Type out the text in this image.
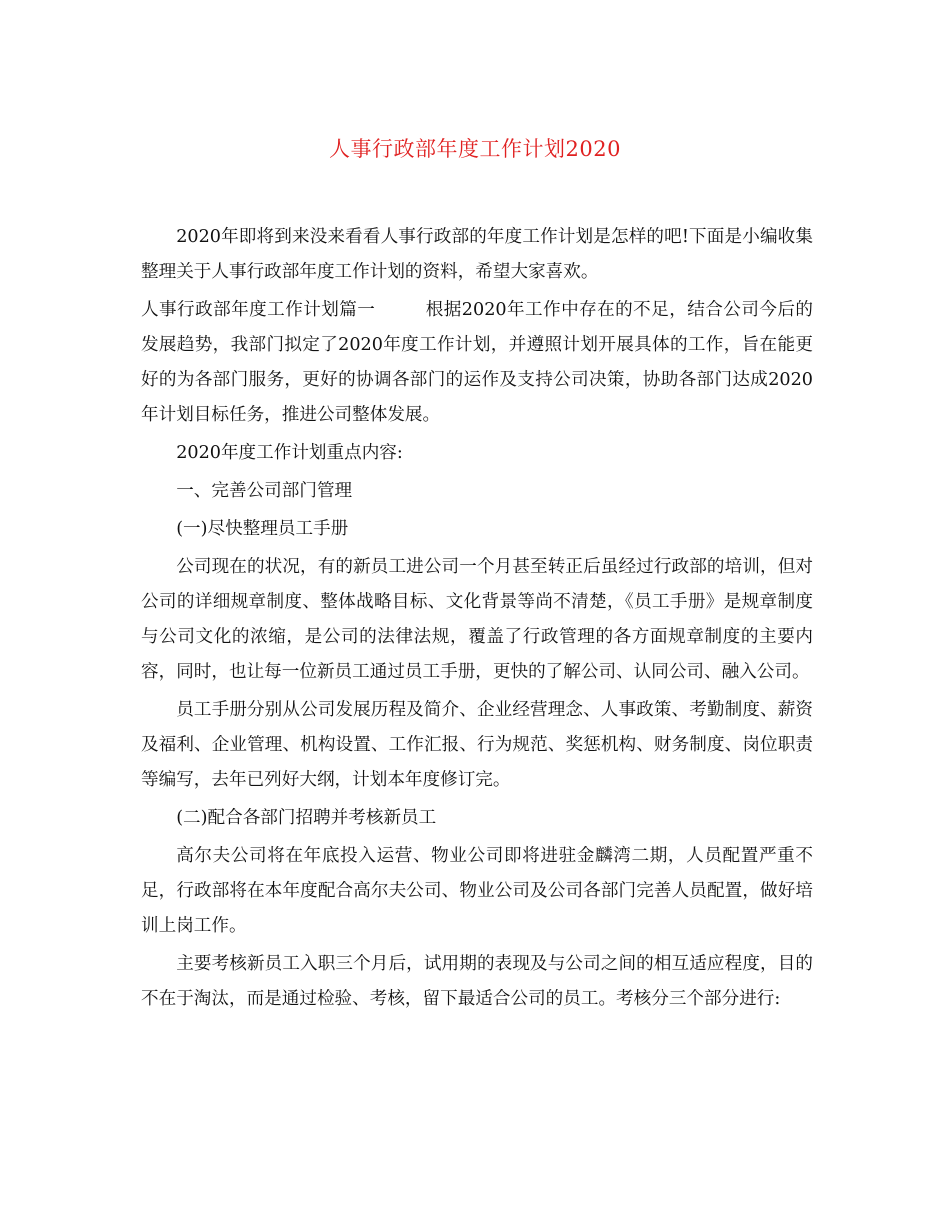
人事行政部年度工作计划2020

2020年即将到来没来看看人事行政部的年度工作计划是怎样的吧!下面是小编收集整理关于人事行政部年度工作计划的资料，希望大家喜欢。

人事行政部年度工作计划篇一	根据2020年工作中存在的不足，结合公司今后的发展趋势，我部门拟定了2020年度工作计划，并遵照计划开展具体的工作，旨在能更好的为各部门服务，更好的协调各部门的运作及支持公司决策，协助各部门达成2020年计划目标任务，推进公司整体发展。

2020年度工作计划重点内容:

一、完善公司部门管理

(一)尽快整理员工手册

公司现在的状况，有的新员工进公司一个月甚至转正后虽经过行政部的培训，但对公司的详细规章制度、整体战略目标、文化背景等尚不清楚，《员工手册》是规章制度与公司文化的浓缩，是公司的法律法规，覆盖了行政管理的各方面规章制度的主要内容，同时，也让每一位新员工通过员工手册，更快的了解公司、认同公司、融入公司。

员工手册分别从公司发展历程及简介、企业经营理念、人事政策、考勤制度、薪资及福利、企业管理、机构设置、工作汇报、行为规范、奖惩机构、财务制度、岗位职责等编写，去年已列好大纲，计划本年度修订完。

(二)配合各部门招聘并考核新员工

高尔夫公司将在年底投入运营、物业公司即将进驻金麟湾二期，人员配置严重不足，行政部将在本年度配合高尔夫公司、物业公司及公司各部门完善人员配置，做好培训上岗工作。

主要考核新员工入职三个月后，试用期的表现及与公司之间的相互适应程度，目的不在于淘汰，而是通过检验、考核，留下最适合公司的员工。考核分三个部分进行:
